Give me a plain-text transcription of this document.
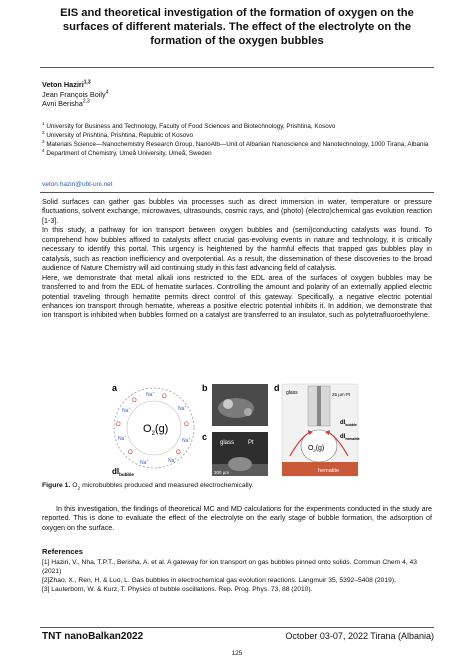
EIS and theoretical investigation of the formation of oxygen on the surfaces of different materials. The effect of the electrolyte on the formation of the oxygen bubbles
Veton Haziri$^{1,3}$
Jean François Boily$^4$
Avni Berisha$^{2,3}$
$^1$ University for Business and Technology, Faculty of Food Sciences and Biotechnology, Prishtina, Kosovo
$^2$ University of Prishtina, Prishtina, Republic of Kosovo
$^3$ Materials Science—Nanochemistry Research Group, NanoAlb—Unit of Albanian Nanoscience and Nanotechnology, 1000 Tirana, Albania
$^4$ Department of Chemistry, Umeå University, Umeå, Sweden
veton.haziri@ubt-uni.net

Solid surfaces can gather gas bubbles via processes such as direct immersion in water, temperature or pressure fluctuations, solvent exchange, microwaves, ultrasounds, cosmic rays, and (photo) (electro)chemical gas evolution reaction [1-3].

In this study, a pathway for ion transport between oxygen bubbles and (semi)conducting catalysts was found. To comprehend how bubbles affixed to catalysts affect crucial gas-evolving events in nature and technology, it is critically necessary to identify this portal. This urgency is heightened by the harmful effects that trapped gas bubbles play in catalysis, such as reaction inefficiency and overpotential. As a result, the dissemination of these discoveries to the broad audience of Nature Chemistry will aid continuing study in this fast advancing field of catalysis.

Here, we demonstrate that metal alkali ions restricted to the EDL area of the surfaces of oxygen bubbles may be transferred to and from the EDL of hematite surfaces. Controlling the amount and polarity of an externally applied electric potential traveling through hematite permits direct control of this gateway. Specifically, a negative electric potential enhances ion transport through hematite, whereas a positive electric potential inhibits it. In addition, we demonstrate that ion transport is inhibited when bubbles formed on a catalyst are transferred to an insulator, such as polytetrafluoroethylene.

a
$O_2(g)$
Na+
Na+	Na+
Na+
Na+
Na+	Na+
O
O
O
O
O	O
$dl_{bubble}$
b
c
glass Pt
200 μm
d
hematite
glass	25 μm Pt
$O_2(g)$
$dl_{bubble}$
$dl_{hematite}$
Figure 1. $O_2$ microbubbles produced and measured electrochemically.
In this investigation, the findings of theoretical MC and MD calculations for the experiments conducted in the study are reported. This is done to evaluate the effect of the electrolyte on the early stage of bubble formation, the adsorption of oxygen on the surface.
References
[1] Haziri, V., Nha, T.P.T., Berisha, A. et al. A gateway for ion transport on gas bubbles pinned onto solids. Commun Chem 4, 43 (2021)
[2]Zhao, X., Ren, H. & Luo, L. Gas bubbles in electrochemical gas evolution reactions. Langmuir 35, 5392–5408 (2019).
[3] Lauterborn, W. & Kurz, T. Physics of bubble oscillations. Rep. Prog. Phys. 73, 88 (2010).
TNT nanoBalkan2022	October 03-07, 2022 Tirana (Albania)
125
